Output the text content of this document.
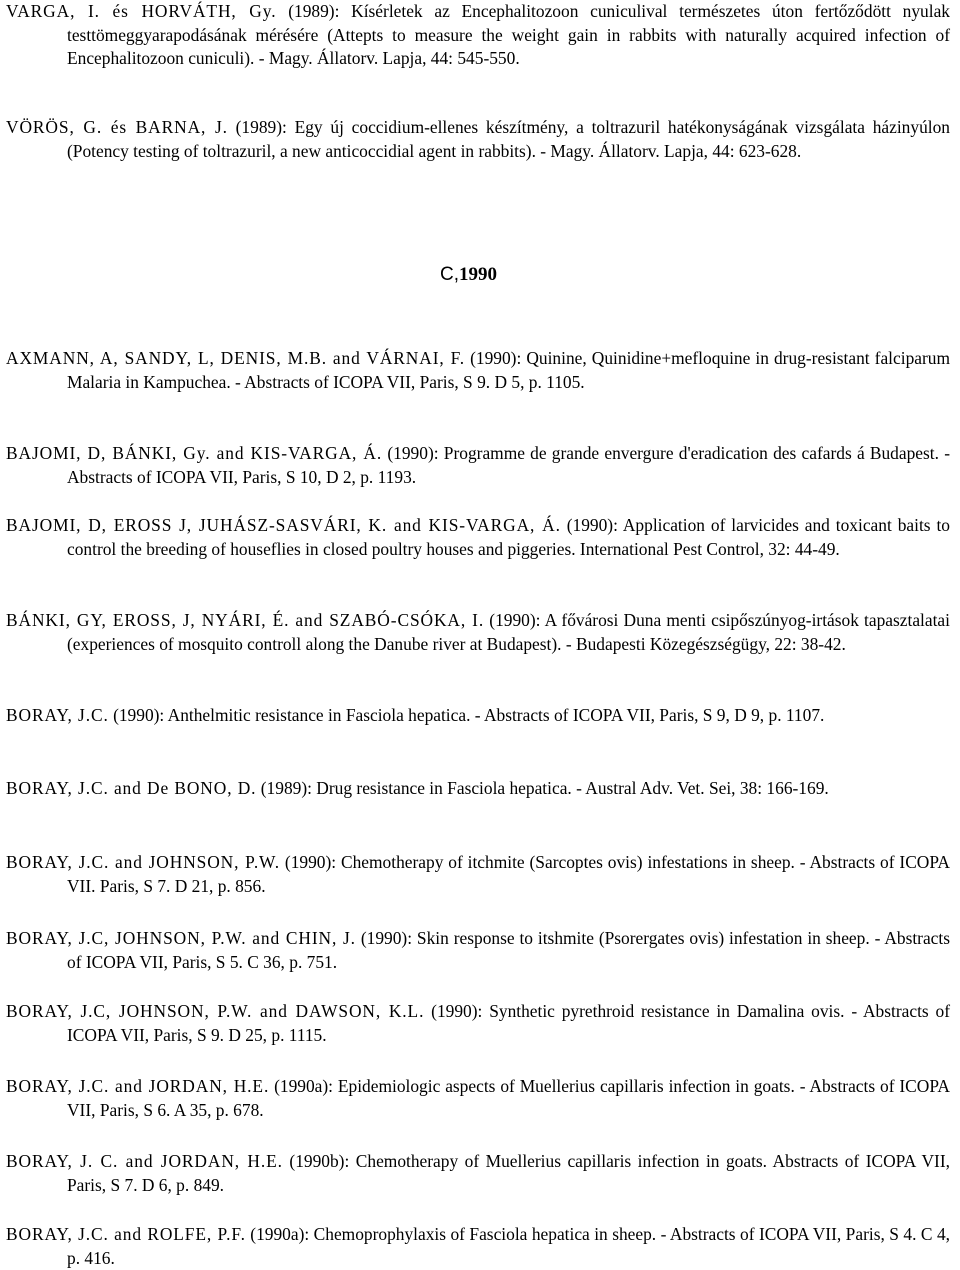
VARGA, I. és HORVÁTH, Gy. (1989): Kísérletek az Encephalitozoon cuniculival természetes úton fertőződött nyulak testtömeggyarapodásának mérésére (Attepts to measure the weight gain in rabbits with naturally acquired infection of Encephalitozoon cuniculi). - Magy. Állatorv. Lapja, 44: 545-550.
VÖRÖS, G. és BARNA, J. (1989): Egy új coccidium-ellenes készítmény, a toltrazuril hatékonyságának vizsgálata házinyúlon (Potency testing of toltrazuril, a new anticoccidial agent in rabbits). - Magy. Állatorv. Lapja, 44: 623-628.
C,1990
AXMANN, A, SANDY, L, DENIS, M.B. and VÁRNAI, F. (1990): Quinine, Quinidine+mefloquine in drug-resistant falciparum Malaria in Kampuchea. - Abstracts of ICOPA VII, Paris, S 9. D 5, p. 1105.
BAJOMI, D, BÁNKI, Gy. and KIS-VARGA, Á. (1990): Programme de grande envergure d'eradication des cafards á Budapest. - Abstracts of ICOPA VII, Paris, S 10, D 2, p. 1193.
BAJOMI, D, EROSS J, JUHÁSZ-SASVÁRI, K. and KIS-VARGA, Á. (1990): Application of larvicides and toxicant baits to control the breeding of houseflies in closed poultry houses and piggeries. International Pest Control, 32: 44-49.
BÁNKI, GY, EROSS, J, NYÁRI, É. and SZABÓ-CSÓKA, I. (1990): A fővárosi Duna menti csipőszúnyog-irtások tapasztalatai (experiences of mosquito controll along the Danube river at Budapest). - Budapesti Közegészségügy, 22: 38-42.
BORAY, J.C. (1990): Anthelmitic resistance in Fasciola hepatica. - Abstracts of ICOPA VII, Paris, S 9, D 9, p. 1107.
BORAY, J.C. and De BONO, D. (1989): Drug resistance in Fasciola hepatica. - Austral Adv. Vet. Sei, 38: 166-169.
BORAY, J.C. and JOHNSON, P.W. (1990): Chemotherapy of itchmite (Sarcoptes ovis) infestations in sheep. - Abstracts of ICOPA VII. Paris, S 7. D 21, p. 856.
BORAY, J.C, JOHNSON, P.W. and CHIN, J. (1990): Skin response to itshmite (Psorergates ovis) infestation in sheep. - Abstracts of ICOPA VII, Paris, S 5. C 36, p. 751.
BORAY, J.C, JOHNSON, P.W. and DAWSON, K.L. (1990): Synthetic pyrethroid resistance in Damalina ovis. - Abstracts of ICOPA VII, Paris, S 9. D 25, p. 1115.
BORAY, J.C. and JORDAN, H.E. (1990a): Epidemiologic aspects of Muellerius capillaris infection in goats. - Abstracts of ICOPA VII, Paris, S 6. A 35, p. 678.
BORAY, J. C. and JORDAN, H.E. (1990b): Chemotherapy of Muellerius capillaris infection in goats. Abstracts of ICOPA VII, Paris, S 7. D 6, p. 849.
BORAY, J.C. and ROLFE, P.F. (1990a): Chemoprophylaxis of Fasciola hepatica in sheep. - Abstracts of ICOPA VII, Paris, S 4. C 4, p. 416.
